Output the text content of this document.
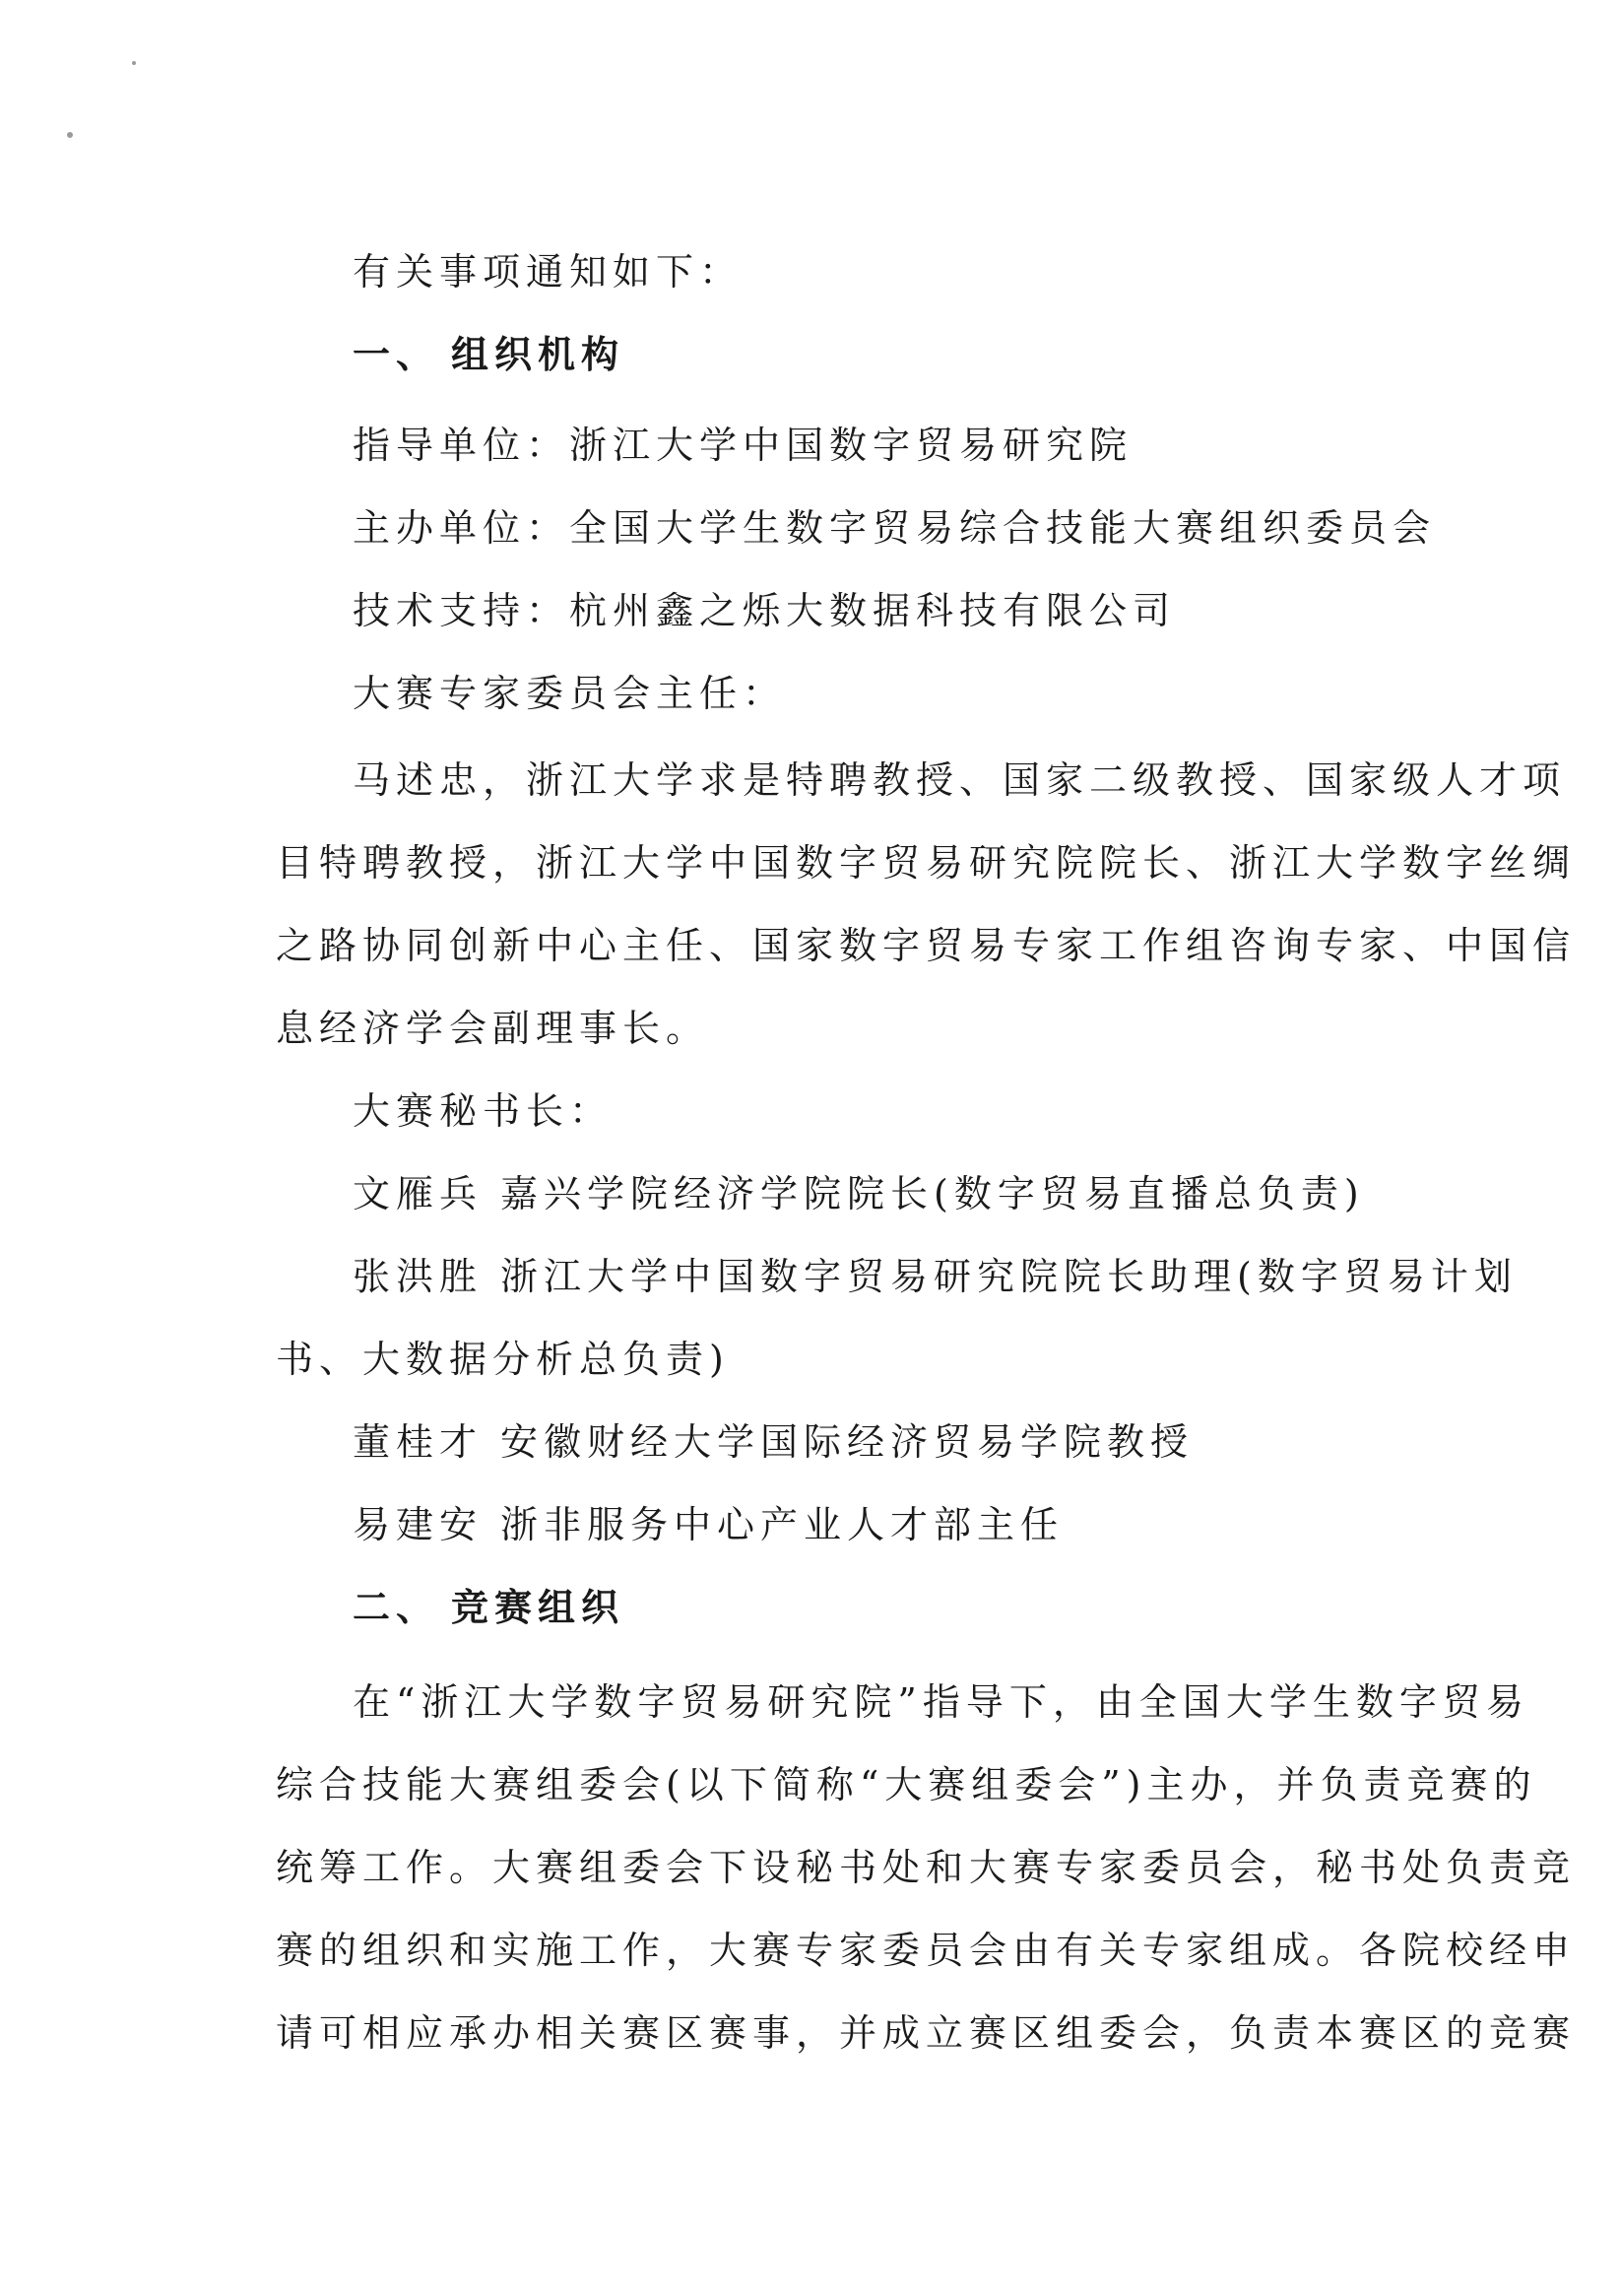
有关事项通知如下：
一、 组织机构
指导单位：浙江大学中国数字贸易研究院
主办单位：全国大学生数字贸易综合技能大赛组织委员会
技术支持：杭州鑫之烁大数据科技有限公司
大赛专家委员会主任：
马述忠，浙江大学求是特聘教授、国家二级教授、国家级人才项
目特聘教授，浙江大学中国数字贸易研究院院长、浙江大学数字丝绸
之路协同创新中心主任、国家数字贸易专家工作组咨询专家、中国信
息经济学会副理事长。
大赛秘书长：
文雁兵 嘉兴学院经济学院院长(数字贸易直播总负责)
张洪胜 浙江大学中国数字贸易研究院院长助理(数字贸易计划
书、大数据分析总负责)
董桂才 安徽财经大学国际经济贸易学院教授
易建安 浙非服务中心产业人才部主任
二、 竞赛组织
在“浙江大学数字贸易研究院”指导下，由全国大学生数字贸易
综合技能大赛组委会(以下简称“大赛组委会”)主办，并负责竞赛的
统筹工作。大赛组委会下设秘书处和大赛专家委员会，秘书处负责竞
赛的组织和实施工作，大赛专家委员会由有关专家组成。各院校经申
请可相应承办相关赛区赛事，并成立赛区组委会，负责本赛区的竞赛
